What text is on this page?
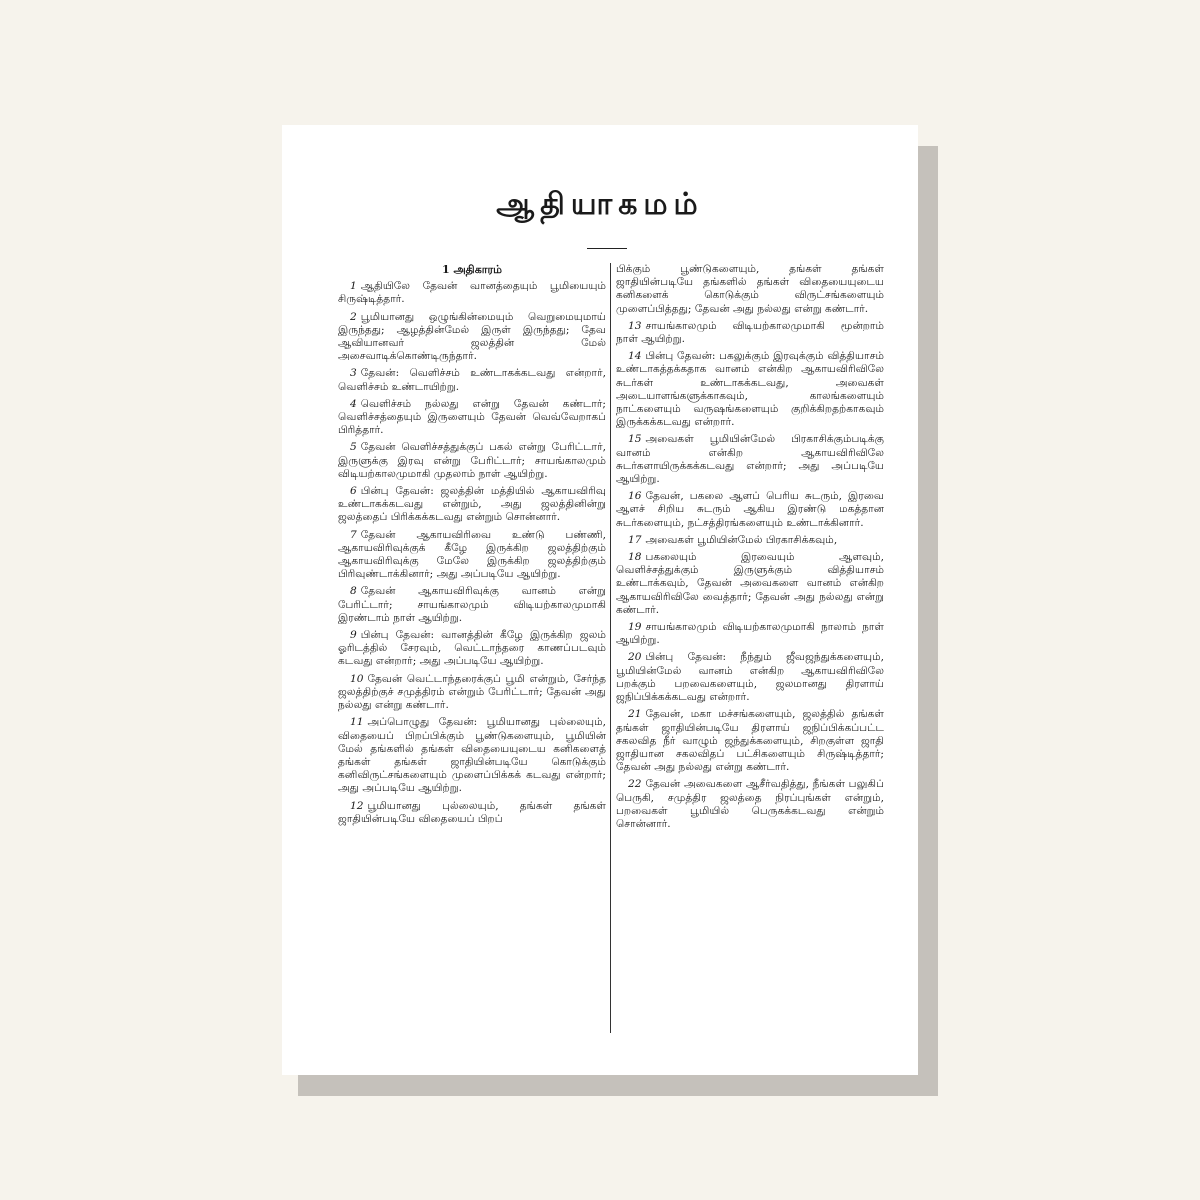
ஆதியாகமம்
1 அதிகாரம்

1 ஆதியிலே தேவன் வானத்தையும் பூமியையும் சிருஷ்டித்தார்.

2 பூமியானது ஒழுங்கின்மையும் வெறுமையுமாய் இருந்தது; ஆழத்தின்மேல் இருள் இருந்தது; தேவ ஆவியானவர் ஜலத்தின் மேல் அசைவாடிக்கொண்டிருந்தார்.

3 தேவன்: வெளிச்சம் உண்டாகக்கடவது என்றார், வெளிச்சம் உண்டாயிற்று.

4 வெளிச்சம் நல்லது என்று தேவன் கண்டார்; வெளிச்சத்தையும் இருளையும் தேவன் வெவ்வேறாகப் பிரித்தார்.

5 தேவன் வெளிச்சத்துக்குப் பகல் என்று பேரிட்டார், இருளுக்கு இரவு என்று பேரிட்டார்; சாயங்காலமும் விடியற்காலமுமாகி முதலாம் நாள் ஆயிற்று.

6 பின்பு தேவன்: ஜலத்தின் மத்தியில் ஆகாயவிரிவு உண்டாகக்கடவது என்றும், அது ஜலத்தினின்று ஜலத்தைப் பிரிக்கக்கடவது என்றும் சொன்னார்.

7 தேவன் ஆகாயவிரிவை உண்டு பண்ணி, ஆகாயவிரிவுக்குக் கீழே இருக்கிற ஜலத்திற்கும் ஆகாயவிரிவுக்கு மேலே இருக்கிற ஜலத்திற்கும் பிரிவுண்டாக்கினார்; அது அப்படியே ஆயிற்று.

8 தேவன் ஆகாயவிரிவுக்கு வானம் என்று பேரிட்டார்; சாயங்காலமும் விடியற்காலமுமாகி இரண்டாம் நாள் ஆயிற்று.

9 பின்பு தேவன்: வானத்தின் கீழே இருக்கிற ஜலம் ஓரிடத்தில் சேரவும், வெட்டாந்தரை காணப்படவும் கடவது என்றார்; அது அப்படியே ஆயிற்று.

10 தேவன் வெட்டாந்தரைக்குப் பூமி என்றும், சேர்ந்த ஜலத்திற்குச் சமுத்திரம் என்றும் பேரிட்டார்; தேவன் அது நல்லது என்று கண்டார்.

11 அப்பொழுது தேவன்: பூமியானது புல்லையும், விதையைப் பிறப்பிக்கும் பூண்டுகளையும், பூமியின் மேல் தங்களில் தங்கள் விதையையுடைய கனிகளைத் தங்கள் தங்கள் ஜாதியின்படியே கொடுக்கும் கனிவிருட்சங்களையும் முளைப்பிக்கக் கடவது என்றார்; அது அப்படியே ஆயிற்று.

12 பூமியானது புல்லையும், தங்கள் தங்கள் ஜாதியின்படியே விதையைப் பிறப்

பிக்கும் பூண்டுகளையும், தங்கள் தங்கள் ஜாதியின்படியே தங்களில் தங்கள் விதையையுடைய கனிகளைக் கொடுக்கும் விருட்சங்களையும் முளைப்பித்தது; தேவன் அது நல்லது என்று கண்டார்.

13 சாயங்காலமும் விடியற்காலமுமாகி மூன்றாம் நாள் ஆயிற்று.

14 பின்பு தேவன்: பகலுக்கும் இரவுக்கும் வித்தியாசம் உண்டாகத்தக்கதாக வானம் என்கிற ஆகாயவிரிவிலே சுடர்கள் உண்டாகக்கடவது, அவைகள் அடையாளங்களுக்காகவும், காலங்களையும் நாட்களையும் வருஷங்களையும் குறிக்கிறதற்காகவும் இருக்கக்கடவது என்றார்.

15 அவைகள் பூமியின்மேல் பிரகாசிக்கும்படிக்கு வானம் என்கிற ஆகாயவிரிவிலே சுடர்களாயிருக்கக்கடவது என்றார்; அது அப்படியே ஆயிற்று.

16 தேவன், பகலை ஆளப் பெரிய சுடரும், இரவை ஆளச் சிறிய சுடரும் ஆகிய இரண்டு மகத்தான சுடர்களையும், நட்சத்திரங்களையும் உண்டாக்கினார்.

17 அவைகள் பூமியின்மேல் பிரகாசிக்கவும்,

18 பகலையும் இரவையும் ஆளவும், வெளிச்சத்துக்கும் இருளுக்கும் வித்தியாசம் உண்டாக்கவும், தேவன் அவைகளை வானம் என்கிற ஆகாயவிரிவிலே வைத்தார்; தேவன் அது நல்லது என்று கண்டார்.

19 சாயங்காலமும் விடியற்காலமுமாகி நாலாம் நாள் ஆயிற்று.

20 பின்பு தேவன்: நீந்தும் ஜீவஜந்துக்களையும், பூமியின்மேல் வானம் என்கிற ஆகாயவிரிவிலே பறக்கும் பறவைகளையும், ஜலமானது திரளாய் ஜநிப்பிக்கக்கடவது என்றார்.

21 தேவன், மகா மச்சங்களையும், ஜலத்தில் தங்கள் தங்கள் ஜாதியின்படியே திரளாய் ஜநிப்பிக்கப்பட்ட சகலவித நீர் வாழும் ஜந்துக்களையும், சிறகுள்ள ஜாதி ஜாதியான சகலவிதப் பட்சிகளையும் சிருஷ்டித்தார்; தேவன் அது நல்லது என்று கண்டார்.

22 தேவன் அவைகளை ஆசீர்வதித்து, நீங்கள் பலுகிப் பெருகி, சமுத்திர ஜலத்தை நிரப்புங்கள் என்றும், பறவைகள் பூமியில் பெருகக்கடவது என்றும் சொன்னார்.
